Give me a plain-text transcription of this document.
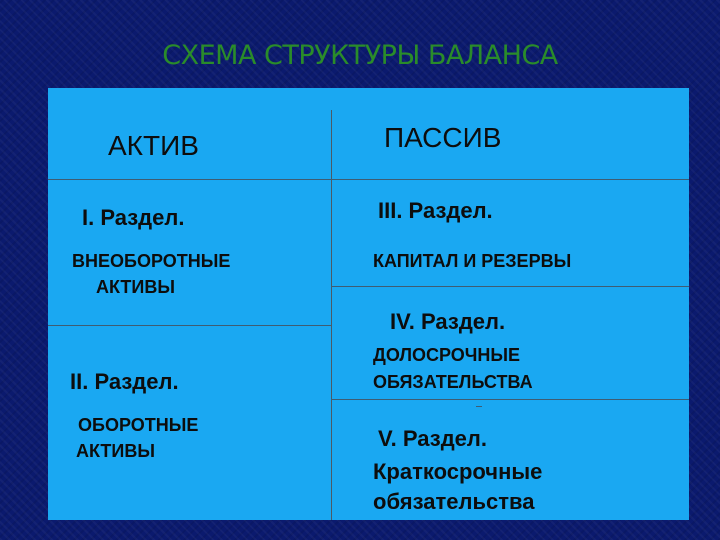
СХЕМА СТРУКТУРЫ БАЛАНСА
АКТИВ
I. Раздел.
ВНЕОБОРОТНЫЕ
АКТИВЫ
II. Раздел.
ОБОРОТНЫЕ
АКТИВЫ
ПАССИВ
III. Раздел.
КАПИТАЛ И РЕЗЕРВЫ
IV. Раздел.
ДОЛОСРОЧНЫЕ
ОБЯЗАТЕЛЬСТВА
V. Раздел.
Краткосрочные
обязательства
